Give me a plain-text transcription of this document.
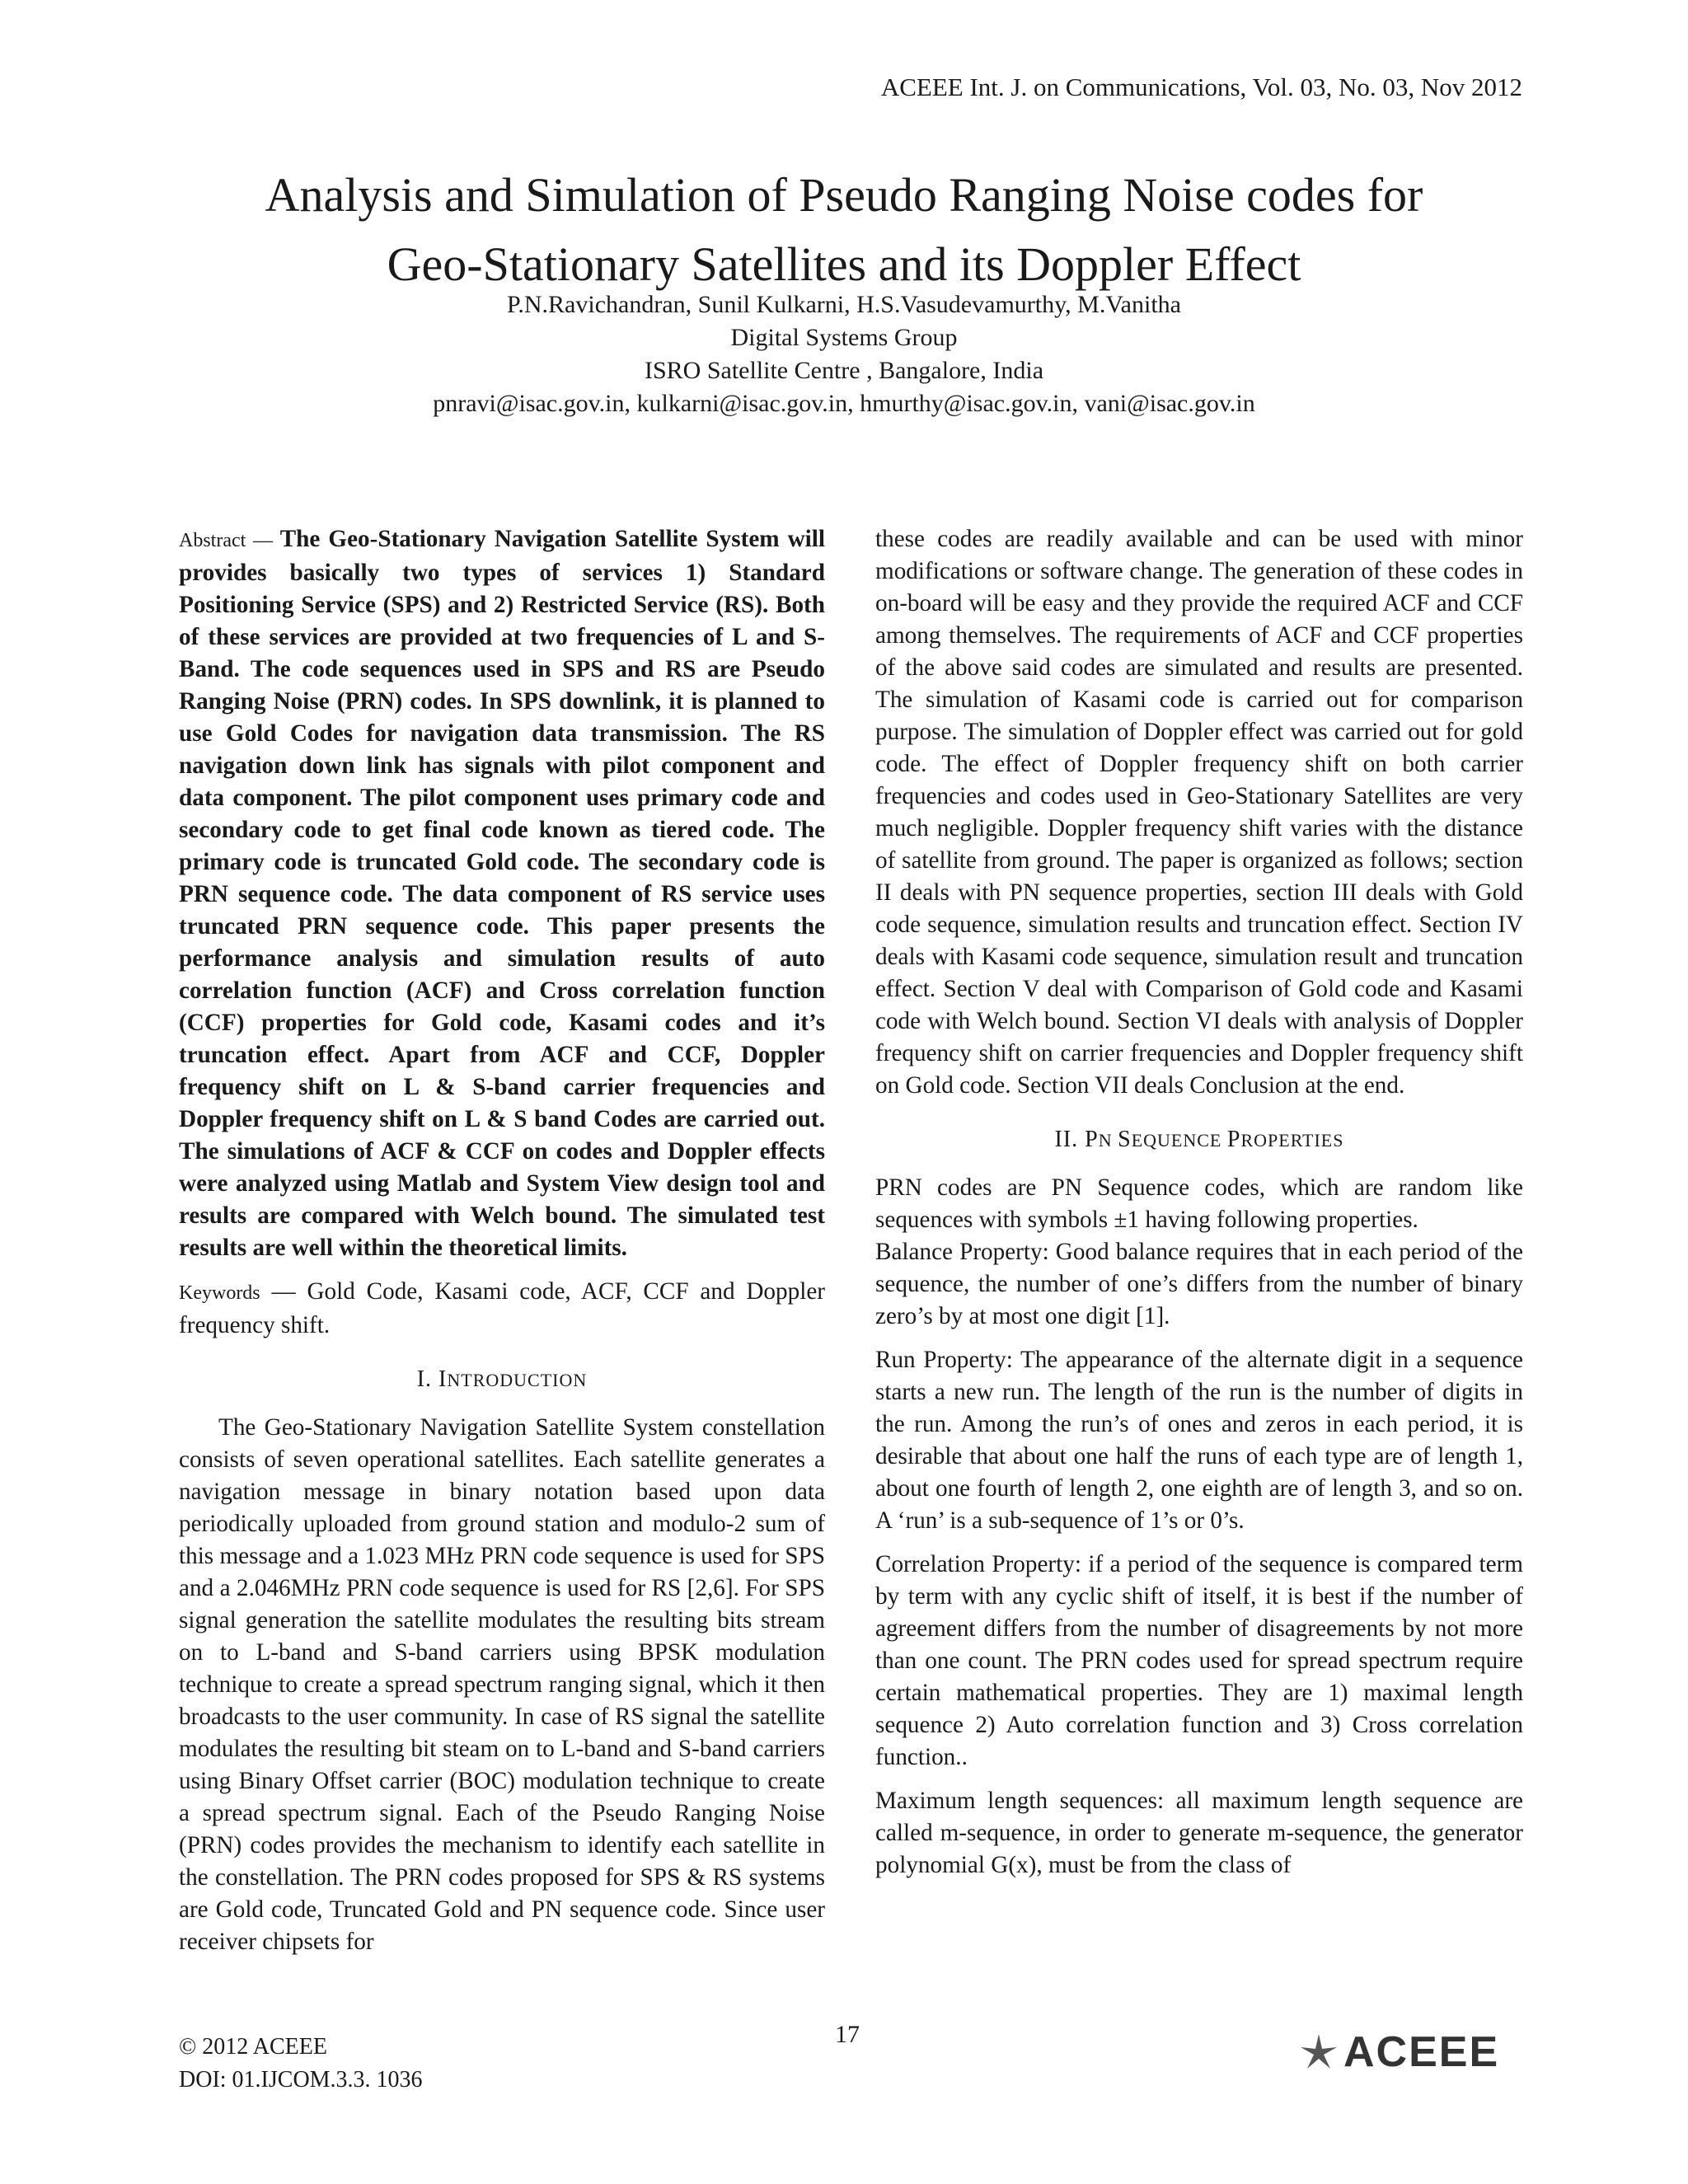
ACEEE Int. J. on Communications, Vol. 03, No. 03, Nov 2012
Analysis and Simulation of Pseudo Ranging Noise codes for
Geo-Stationary Satellites and its Doppler Effect
P.N.Ravichandran, Sunil Kulkarni, H.S.Vasudevamurthy, M.Vanitha
Digital Systems Group
ISRO Satellite Centre , Bangalore, India
pnravi@isac.gov.in, kulkarni@isac.gov.in, hmurthy@isac.gov.in, vani@isac.gov.in

Abstract — The Geo-Stationary Navigation Satellite System will provides basically two types of services 1) Standard Positioning Service (SPS) and 2) Restricted Service (RS). Both of these services are provided at two frequencies of L and S-Band. The code sequences used in SPS and RS are Pseudo Ranging Noise (PRN) codes. In SPS downlink, it is planned to use Gold Codes for navigation data transmission. The RS navigation down link has signals with pilot component and data component. The pilot component uses primary code and secondary code to get final code known as tiered code. The primary code is truncated Gold code. The secondary code is PRN sequence code. The data component of RS service uses truncated PRN sequence code. This paper presents the performance analysis and simulation results of auto correlation function (ACF) and Cross correlation function (CCF) properties for Gold code, Kasami codes and it’s truncation effect. Apart from ACF and CCF, Doppler frequency shift on L & S-band carrier frequencies and Doppler frequency shift on L & S band Codes are carried out. The simulations of ACF & CCF on codes and Doppler effects were analyzed using Matlab and System View design tool and results are compared with Welch bound. The simulated test results are well within the theoretical limits.

Keywords — Gold Code, Kasami code, ACF, CCF and Doppler frequency shift.

I. INTRODUCTION

The Geo-Stationary Navigation Satellite System constellation consists of seven operational satellites. Each satellite generates a navigation message in binary notation based upon data periodically uploaded from ground station and modulo-2 sum of this message and a 1.023 MHz PRN code sequence is used for SPS and a 2.046MHz PRN code sequence is used for RS [2,6]. For SPS signal generation the satellite modulates the resulting bits stream on to L-band and S-band carriers using BPSK modulation technique to create a spread spectrum ranging signal, which it then broadcasts to the user community. In case of RS signal the satellite modulates the resulting bit steam on to L-band and S-band carriers using Binary Offset carrier (BOC) modulation technique to create a spread spectrum signal. Each of the Pseudo Ranging Noise (PRN) codes provides the mechanism to identify each satellite in the constellation. The PRN codes proposed for SPS & RS systems are Gold code, Truncated Gold and PN sequence code. Since user receiver chipsets for

these codes are readily available and can be used with minor modifications or software change. The generation of these codes in on-board will be easy and they provide the required ACF and CCF among themselves. The requirements of ACF and CCF properties of the above said codes are simulated and results are presented. The simulation of Kasami code is carried out for comparison purpose. The simulation of Doppler effect was carried out for gold code. The effect of Doppler frequency shift on both carrier frequencies and codes used in Geo-Stationary Satellites are very much negligible. Doppler frequency shift varies with the distance of satellite from ground. The paper is organized as follows; section II deals with PN sequence properties, section III deals with Gold code sequence, simulation results and truncation effect. Section IV deals with Kasami code sequence, simulation result and truncation effect. Section V deal with Comparison of Gold code and Kasami code with Welch bound. Section VI deals with analysis of Doppler frequency shift on carrier frequencies and Doppler frequency shift on Gold code. Section VII deals Conclusion at the end.

II. PN SEQUENCE PROPERTIES

PRN codes are PN Sequence codes, which are random like sequences with symbols ±1 having following properties.

Balance Property: Good balance requires that in each period of the sequence, the number of one’s differs from the number of binary zero’s by at most one digit [1].

Run Property: The appearance of the alternate digit in a sequence starts a new run. The length of the run is the number of digits in the run. Among the run’s of ones and zeros in each period, it is desirable that about one half the runs of each type are of length 1, about one fourth of length 2, one eighth are of length 3, and so on. A ‘run’ is a sub-sequence of 1’s or 0’s.

Correlation Property: if a period of the sequence is compared term by term with any cyclic shift of itself, it is best if the number of agreement differs from the number of disagreements by not more than one count. The PRN codes used for spread spectrum require certain mathematical properties. They are 1) maximal length sequence 2) Auto correlation function and 3) Cross correlation function..

Maximum length sequences: all maximum length sequence are called m-sequence, in order to generate m-sequence, the generator polynomial G(x), must be from the class of

© 2012 ACEEE
DOI: 01.IJCOM.3.3. 1036
17	ACEEE
